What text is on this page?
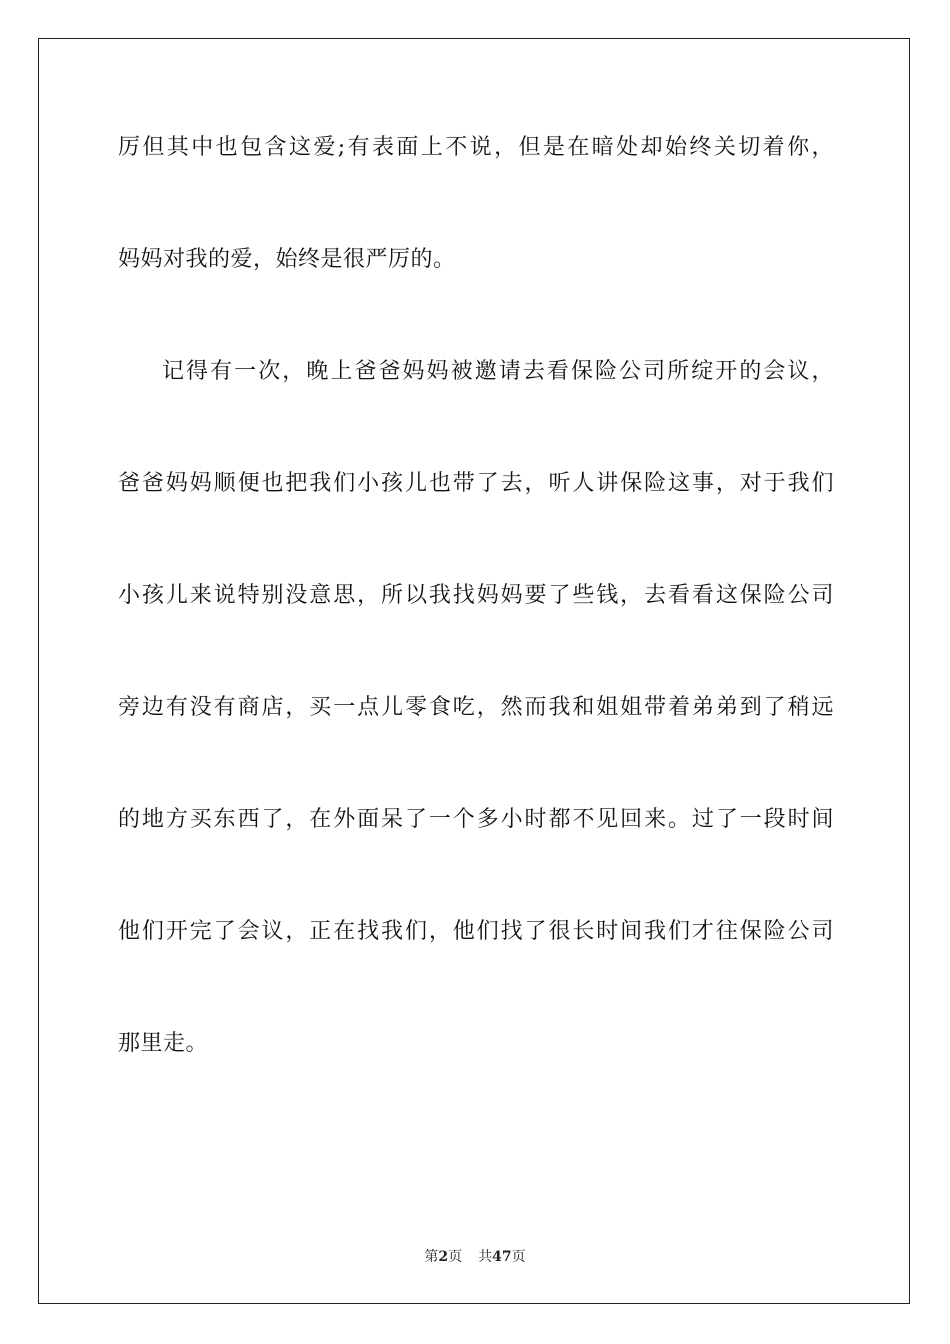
厉但其中也包含这爱;有表面上不说，但是在暗处却始终关切着你，
妈妈对我的爱，始终是很严厉的。
记得有一次，晚上爸爸妈妈被邀请去看保险公司所绽开的会议，
爸爸妈妈顺便也把我们小孩儿也带了去，听人讲保险这事，对于我们
小孩儿来说特别没意思，所以我找妈妈要了些钱，去看看这保险公司
旁边有没有商店，买一点儿零食吃，然而我和姐姐带着弟弟到了稍远
的地方买东西了，在外面呆了一个多小时都不见回来。过了一段时间
他们开完了会议，正在找我们，他们找了很长时间我们才往保险公司
那里走。
第2页 共47页
